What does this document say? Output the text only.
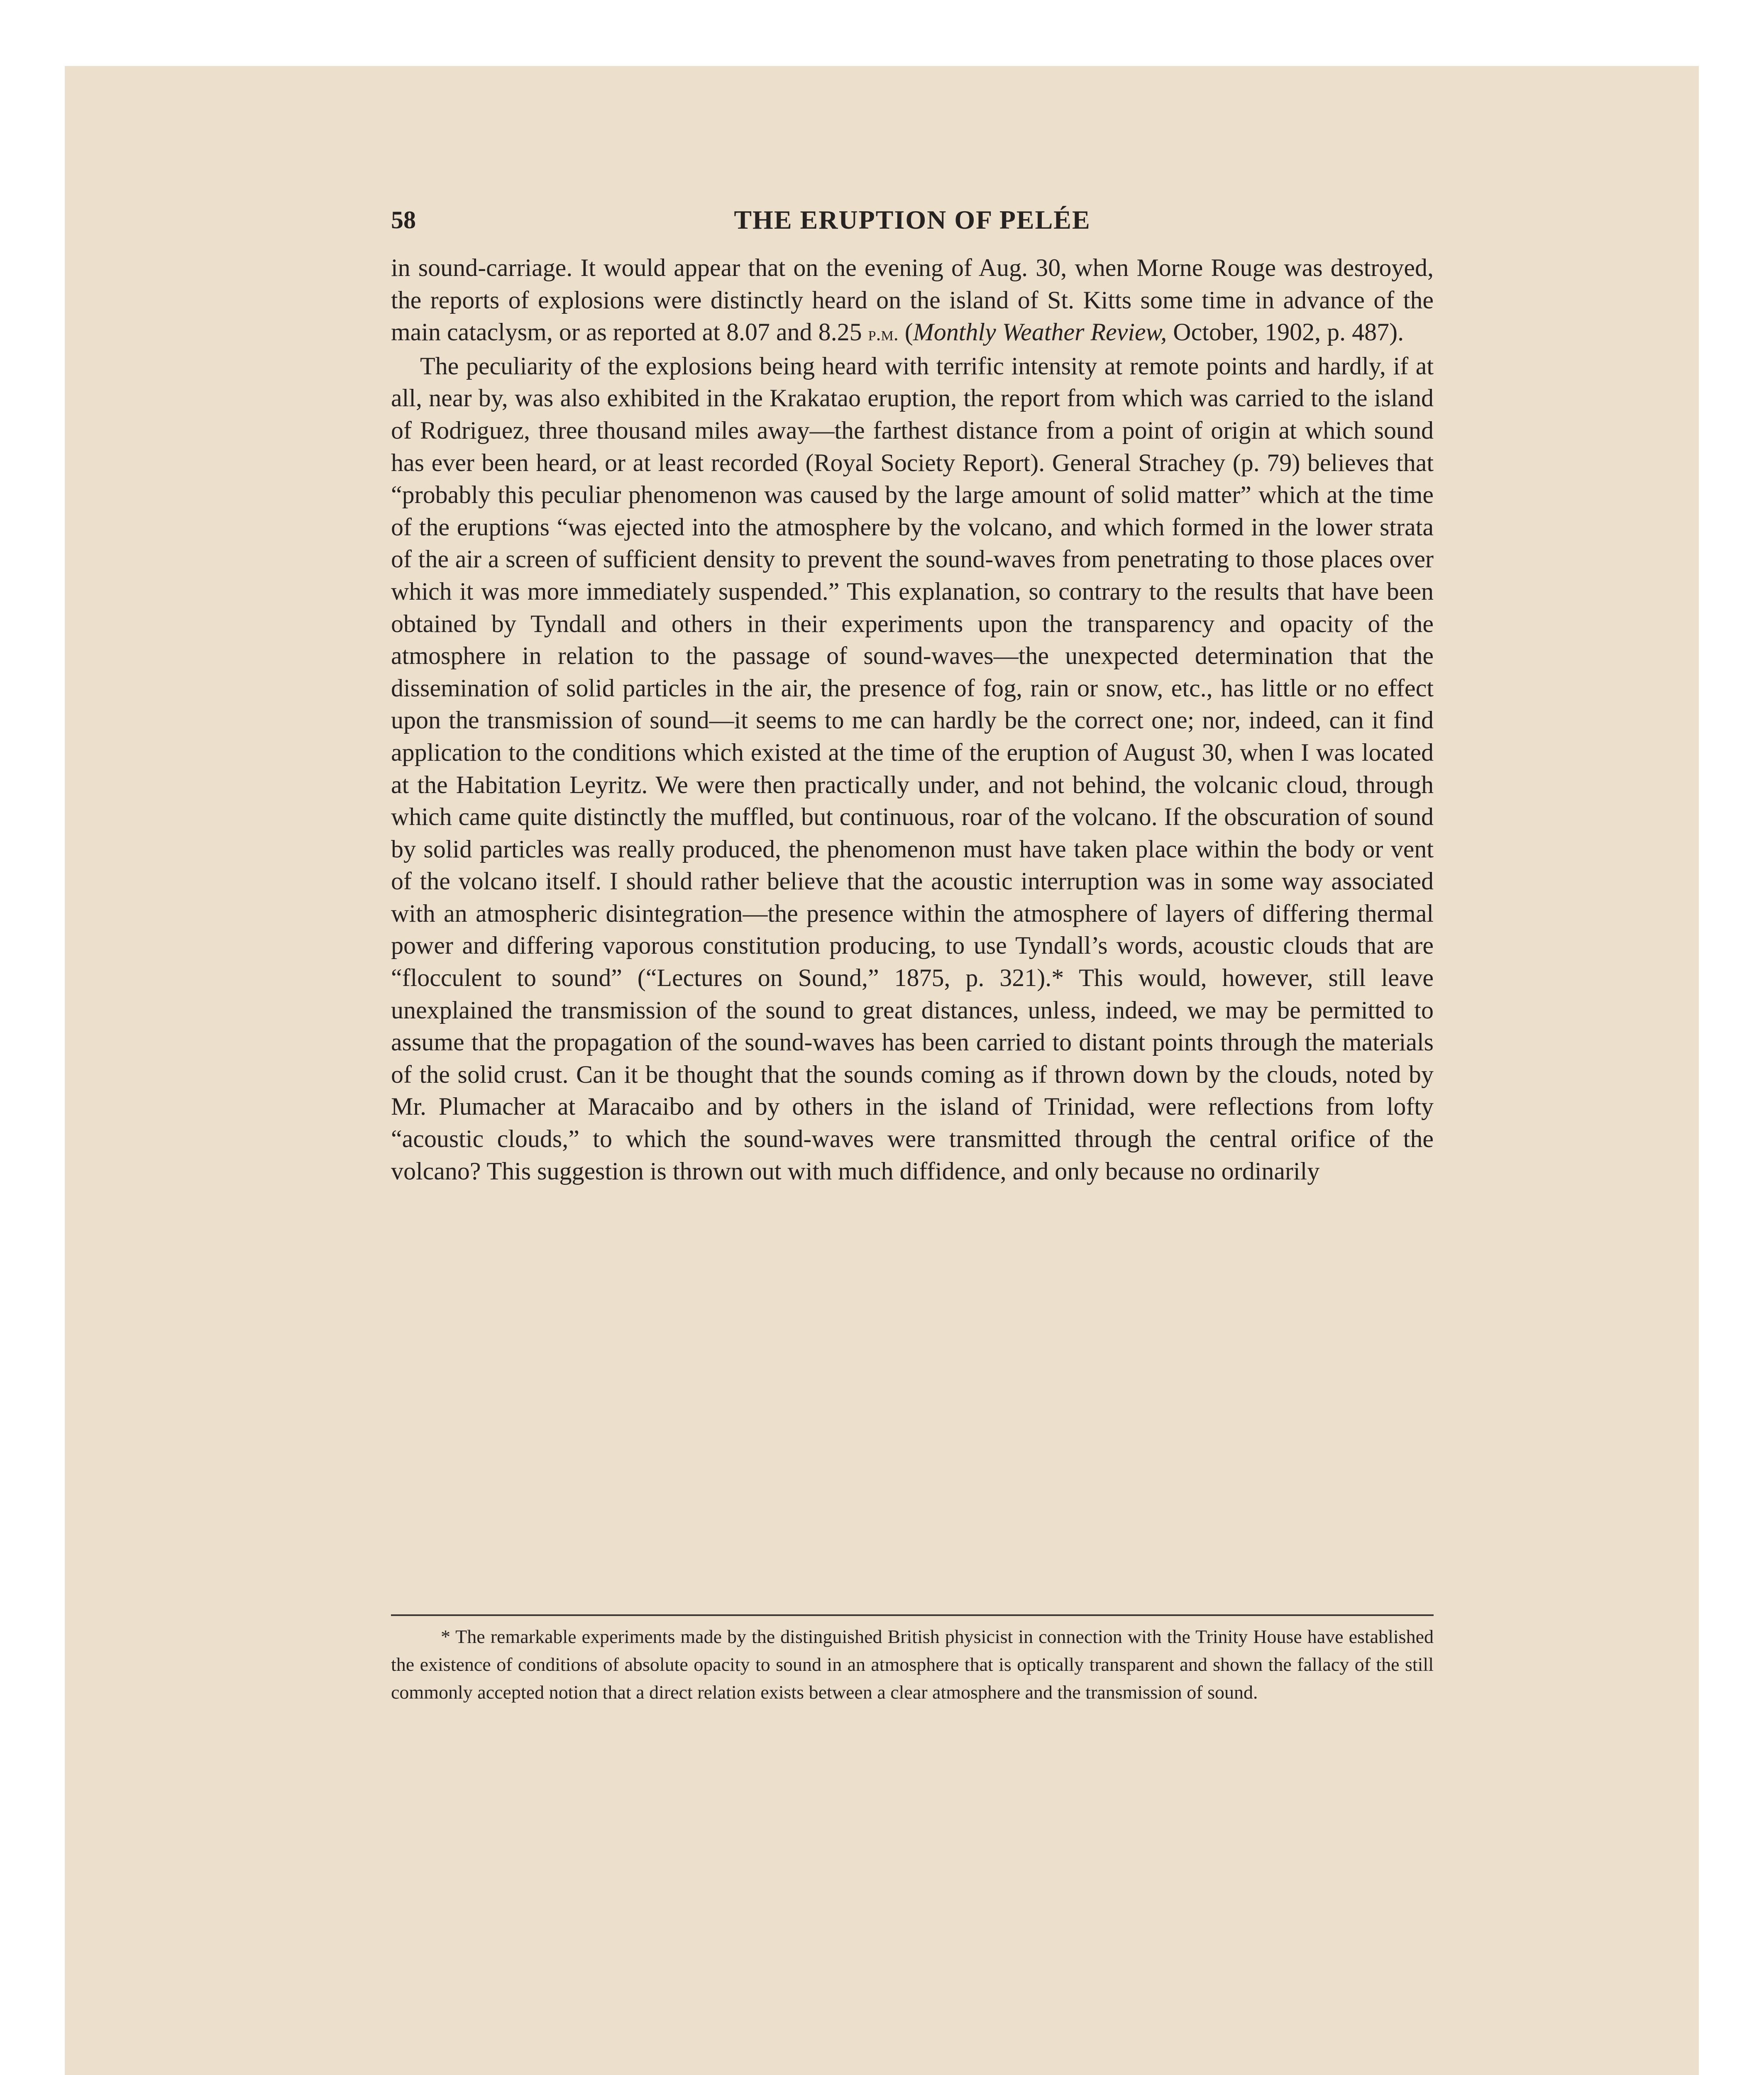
58	THE ERUPTION OF PELÉE

in sound-carriage. It would appear that on the evening of Aug. 30, when Morne Rouge was destroyed, the reports of explosions were distinctly heard on the island of St. Kitts some time in advance of the main cataclysm, or as reported at 8.07 and 8.25 p.m. (Monthly Weather Review, October, 1902, p. 487).

The peculiarity of the explosions being heard with terrific intensity at remote points and hardly, if at all, near by, was also exhibited in the Krakatao eruption, the report from which was carried to the island of Rodriguez, three thousand miles away—the farthest distance from a point of origin at which sound has ever been heard, or at least recorded (Royal Society Report). General Strachey (p. 79) believes that “probably this peculiar phenomenon was caused by the large amount of solid matter” which at the time of the eruptions “was ejected into the atmosphere by the volcano, and which formed in the lower strata of the air a screen of sufficient density to prevent the sound-waves from penetrating to those places over which it was more immediately suspended.” This explanation, so contrary to the results that have been obtained by Tyndall and others in their experiments upon the transparency and opacity of the atmosphere in relation to the passage of sound-waves—the unexpected determination that the dissemination of solid particles in the air, the presence of fog, rain or snow, etc., has little or no effect upon the transmission of sound—it seems to me can hardly be the correct one; nor, indeed, can it find application to the conditions which existed at the time of the eruption of August 30, when I was located at the Habitation Leyritz. We were then practically under, and not behind, the volcanic cloud, through which came quite distinctly the muffled, but continuous, roar of the volcano. If the obscuration of sound by solid particles was really produced, the phenomenon must have taken place within the body or vent of the volcano itself. I should rather believe that the acoustic interruption was in some way associated with an atmospheric disintegration—the presence within the atmosphere of layers of differing thermal power and differing vaporous constitution producing, to use Tyndall’s words, acoustic clouds that are “flocculent to sound” (“Lectures on Sound,” 1875, p. 321).* This would, however, still leave unexplained the transmission of the sound to great distances, unless, indeed, we may be permitted to assume that the propagation of the sound-waves has been carried to distant points through the materials of the solid crust. Can it be thought that the sounds coming as if thrown down by the clouds, noted by Mr. Plumacher at Maracaibo and by others in the island of Trinidad, were reflections from lofty “acoustic clouds,” to which the sound-waves were transmitted through the central orifice of the volcano? This suggestion is thrown out with much diffidence, and only because no ordinarily

* The remarkable experiments made by the distinguished British physicist in connection with the Trinity House have established the existence of conditions of absolute opacity to sound in an atmosphere that is optically transparent and shown the fallacy of the still commonly accepted notion that a direct relation exists between a clear atmosphere and the transmission of sound.
